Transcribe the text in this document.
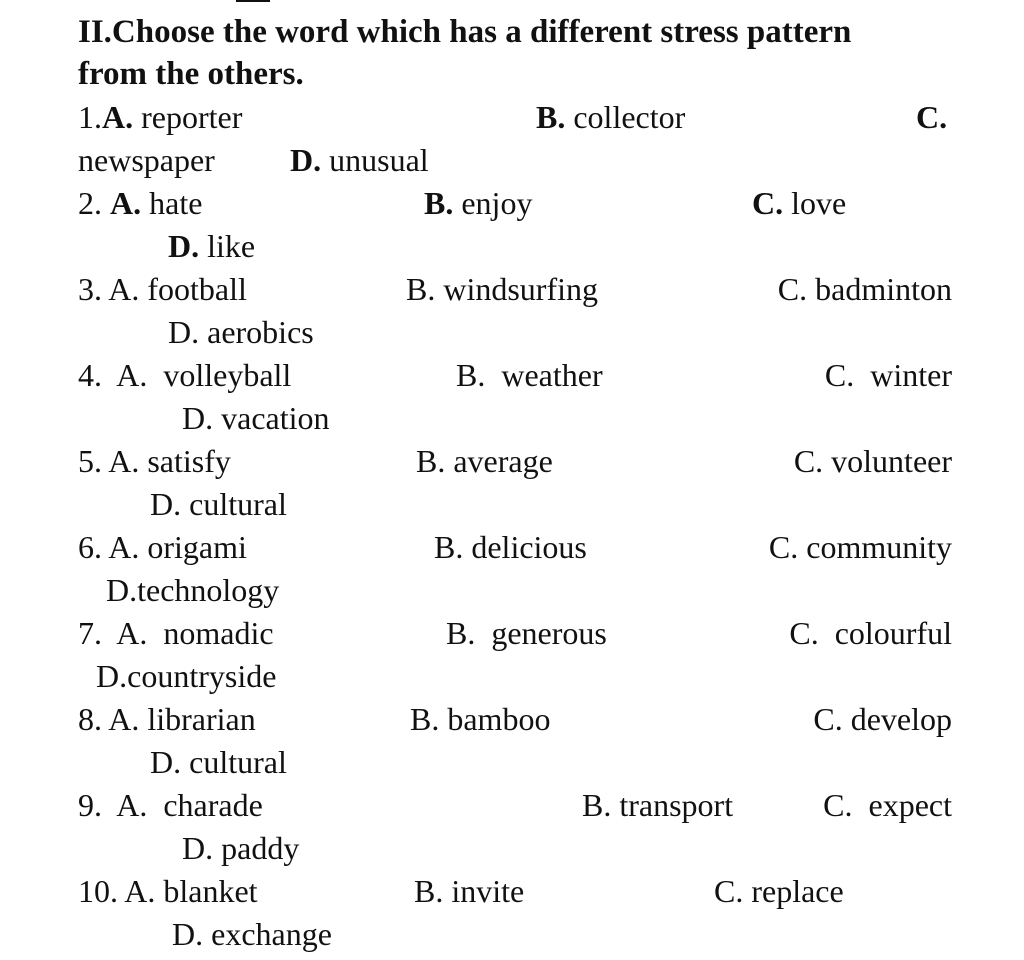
II.Choose the word which has a different stress pattern
from the others.
1.A. reporter	B. collector	C.
newspaper D. unusual
2. A. hate	B. enjoy	C. love
D. like
3. A. football	B. windsurfing	C. badminton
D. aerobics
4.  A.  volleyball	B.  weather	C.  winter
D. vacation
5. A. satisfy	B. average	C. volunteer
D. cultural
6. A. origami	B. delicious	C. community
D.technology
7.  A.  nomadic	B.  generous	C.  colourful
D.countryside
8. A. librarian	B. bamboo	C. develop
D. cultural
9.  A.  charade	B. transport	C.  expect
D. paddy
10. A. blanket	B. invite	C. replace
D. exchange
